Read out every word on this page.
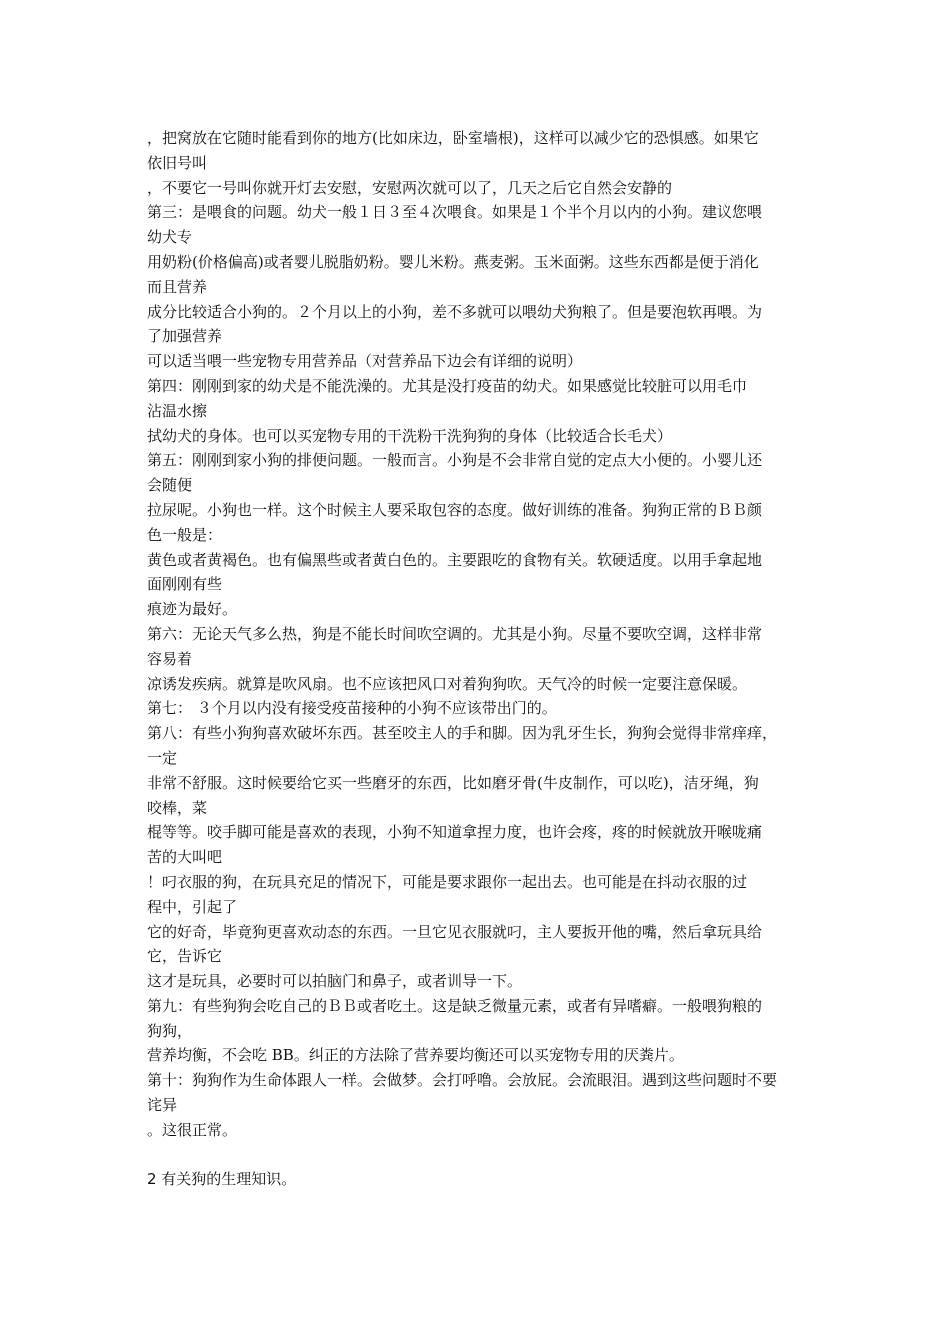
，把窝放在它随时能看到你的地方(比如床边，卧室墙根)，这样可以减少它的恐惧感。如果它
依旧号叫
，不要它一号叫你就开灯去安慰，安慰两次就可以了，几天之后它自然会安静的
第三：是喂食的问题。幼犬一般１日３至４次喂食。如果是１个半个月以内的小狗。建议您喂
幼犬专
用奶粉(价格偏高)或者婴儿脱脂奶粉。婴儿米粉。燕麦粥。玉米面粥。这些东西都是便于消化
而且营养
成分比较适合小狗的。２个月以上的小狗，差不多就可以喂幼犬狗粮了。但是要泡软再喂。为
了加强营养
可以适当喂一些宠物专用营养品（对营养品下边会有详细的说明）
第四：刚刚到家的幼犬是不能洗澡的。尤其是没打疫苗的幼犬。如果感觉比较脏可以用毛巾
沾温水擦
拭幼犬的身体。也可以买宠物专用的干洗粉干洗狗狗的身体（比较适合长毛犬）
第五：刚刚到家小狗的排便问题。一般而言。小狗是不会非常自觉的定点大小便的。小婴儿还
会随便
拉尿呢。小狗也一样。这个时候主人要采取包容的态度。做好训练的准备。狗狗正常的ＢＢ颜
色一般是：
黄色或者黄褐色。也有偏黑些或者黄白色的。主要跟吃的食物有关。软硬适度。以用手拿起地
面刚刚有些
痕迹为最好。
第六：无论天气多么热，狗是不能长时间吹空调的。尤其是小狗。尽量不要吹空调，这样非常
容易着
凉诱发疾病。就算是吹风扇。也不应该把风口对着狗狗吹。天气冷的时候一定要注意保暖。
第七： ３个月以内没有接受疫苗接种的小狗不应该带出门的。
第八：有些小狗狗喜欢破坏东西。甚至咬主人的手和脚。因为乳牙生长，狗狗会觉得非常痒痒，
一定
非常不舒服。这时候要给它买一些磨牙的东西，比如磨牙骨(牛皮制作，可以吃)，洁牙绳，狗
咬棒，菜
棍等等。咬手脚可能是喜欢的表现，小狗不知道拿捏力度，也许会疼，疼的时候就放开喉咙痛
苦的大叫吧
！叼衣服的狗，在玩具充足的情况下，可能是要求跟你一起出去。也可能是在抖动衣服的过
程中，引起了
它的好奇，毕竟狗更喜欢动态的东西。一旦它见衣服就叼，主人要扳开他的嘴，然后拿玩具给
它，告诉它
这才是玩具，必要时可以拍脑门和鼻子，或者训导一下。
第九：有些狗狗会吃自己的ＢＢ或者吃土。这是缺乏微量元素，或者有异嗜癖。一般喂狗粮的
狗狗，
营养均衡，不会吃 BB。纠正的方法除了营养要均衡还可以买宠物专用的厌粪片。
第十：狗狗作为生命体跟人一样。会做梦。会打呼噜。会放屁。会流眼泪。遇到这些问题时不要
诧异
。这很正常。
2 有关狗的生理知识。
